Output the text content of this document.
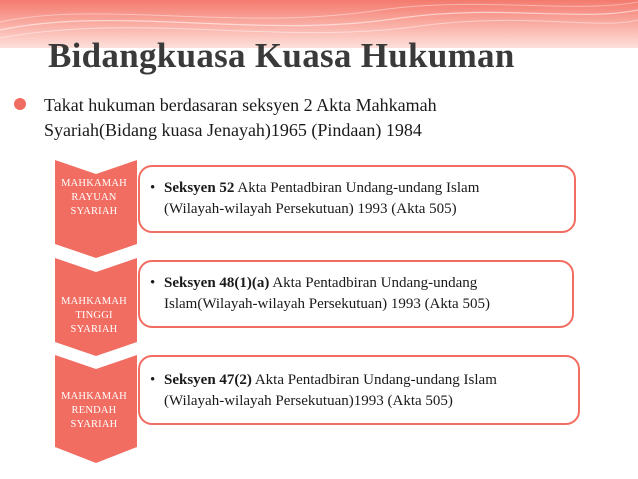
Bidangkuasa Kuasa Hukuman
Takat hukuman berdasaran seksyen 2 Akta Mahkamah
Syariah(Bidang kuasa Jenayah)1965 (Pindaan) 1984
MAHKAMAH
RAYUAN
SYARIAH
• Seksyen 52 Akta Pentadbiran Undang-undang Islam
(Wilayah-wilayah Persekutuan) 1993 (Akta 505)
MAHKAMAH
TINGGI
SYARIAH
• Seksyen 48(1)(a) Akta Pentadbiran Undang-undang
Islam(Wilayah-wilayah Persekutuan) 1993 (Akta 505)
MAHKAMAH
RENDAH
SYARIAH
• Seksyen 47(2) Akta Pentadbiran Undang-undang Islam
(Wilayah-wilayah Persekutuan)1993 (Akta 505)
